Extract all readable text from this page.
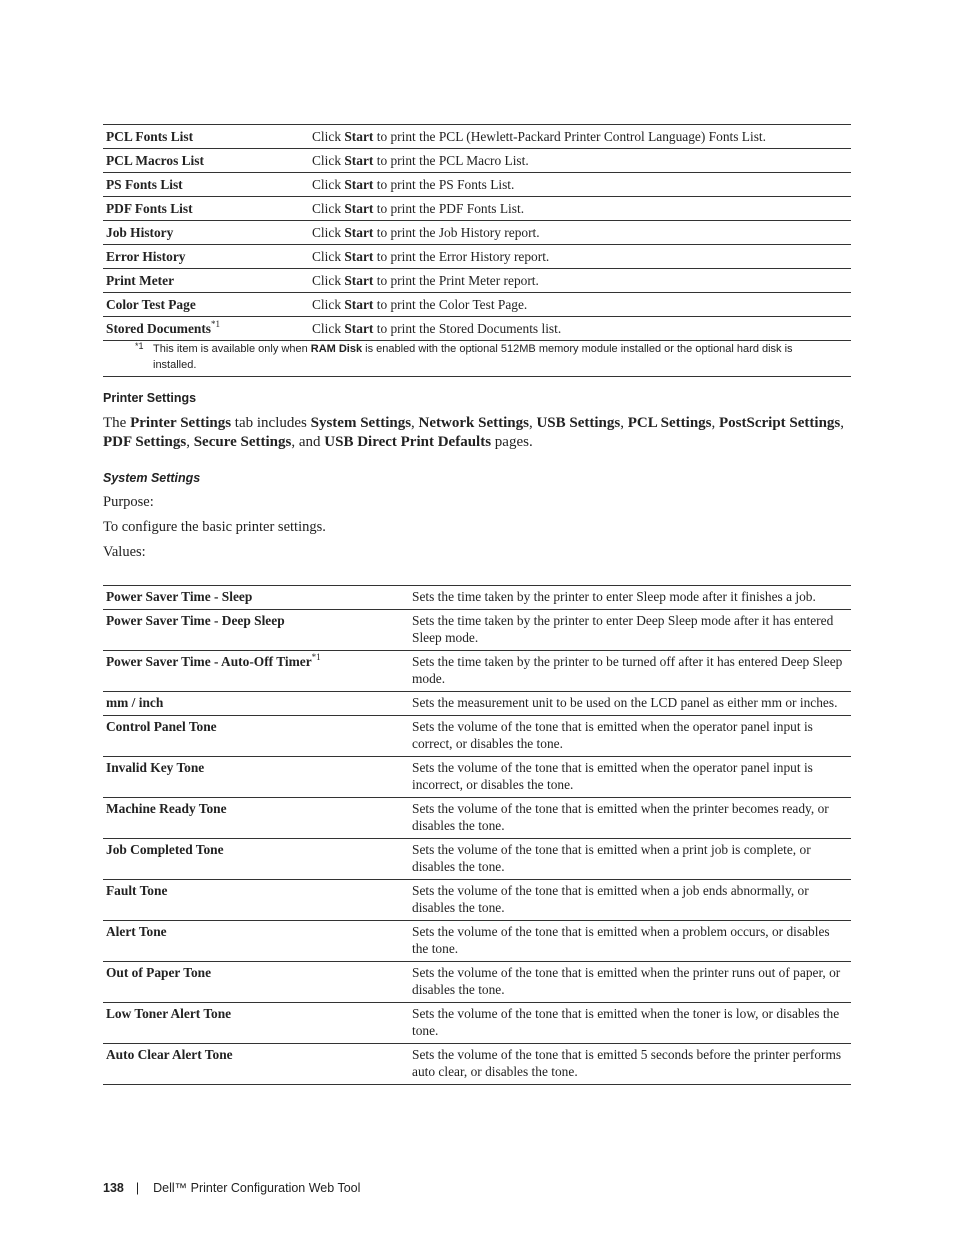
PCL Fonts List	Click Start to print the PCL (Hewlett-Packard Printer Control Language) Fonts List.
PCL Macros List	Click Start to print the PCL Macro List.
PS Fonts List	Click Start to print the PS Fonts List.
PDF Fonts List	Click Start to print the PDF Fonts List.
Job History	Click Start to print the Job History report.
Error History	Click Start to print the Error History report.
Print Meter	Click Start to print the Print Meter report.
Color Test Page	Click Start to print the Color Test Page.
Stored Documents$^{*1}$	Click Start to print the Stored Documents list.
*1 This item is available only when RAM Disk is enabled with the optional 512MB memory module installed or the optional hard disk is installed.
Printer Settings
The Printer Settings tab includes System Settings, Network Settings, USB Settings, PCL Settings, PostScript Settings, PDF Settings, Secure Settings, and USB Direct Print Defaults pages.
System Settings
Purpose:
To configure the basic printer settings.
Values:
Power Saver Time - Sleep	Sets the time taken by the printer to enter Sleep mode after it finishes a job.
Power Saver Time - Deep Sleep	Sets the time taken by the printer to enter Deep Sleep mode after it has entered Sleep mode.
Power Saver Time - Auto-Off Timer$^{*1}$	Sets the time taken by the printer to be turned off after it has entered Deep Sleep mode.
mm / inch	Sets the measurement unit to be used on the LCD panel as either mm or inches.
Control Panel Tone	Sets the volume of the tone that is emitted when the operator panel input is correct, or disables the tone.
Invalid Key Tone	Sets the volume of the tone that is emitted when the operator panel input is incorrect, or disables the tone.
Machine Ready Tone	Sets the volume of the tone that is emitted when the printer becomes ready, or disables the tone.
Job Completed Tone	Sets the volume of the tone that is emitted when a print job is complete, or disables the tone.
Fault Tone	Sets the volume of the tone that is emitted when a job ends abnormally, or disables the tone.
Alert Tone	Sets the volume of the tone that is emitted when a problem occurs, or disables the tone.
Out of Paper Tone	Sets the volume of the tone that is emitted when the printer runs out of paper, or disables the tone.
Low Toner Alert Tone	Sets the volume of the tone that is emitted when the toner is low, or disables the tone.
Auto Clear Alert Tone	Sets the volume of the tone that is emitted 5 seconds before the printer performs auto clear, or disables the tone.
138 | Dell™ Printer Configuration Web Tool
